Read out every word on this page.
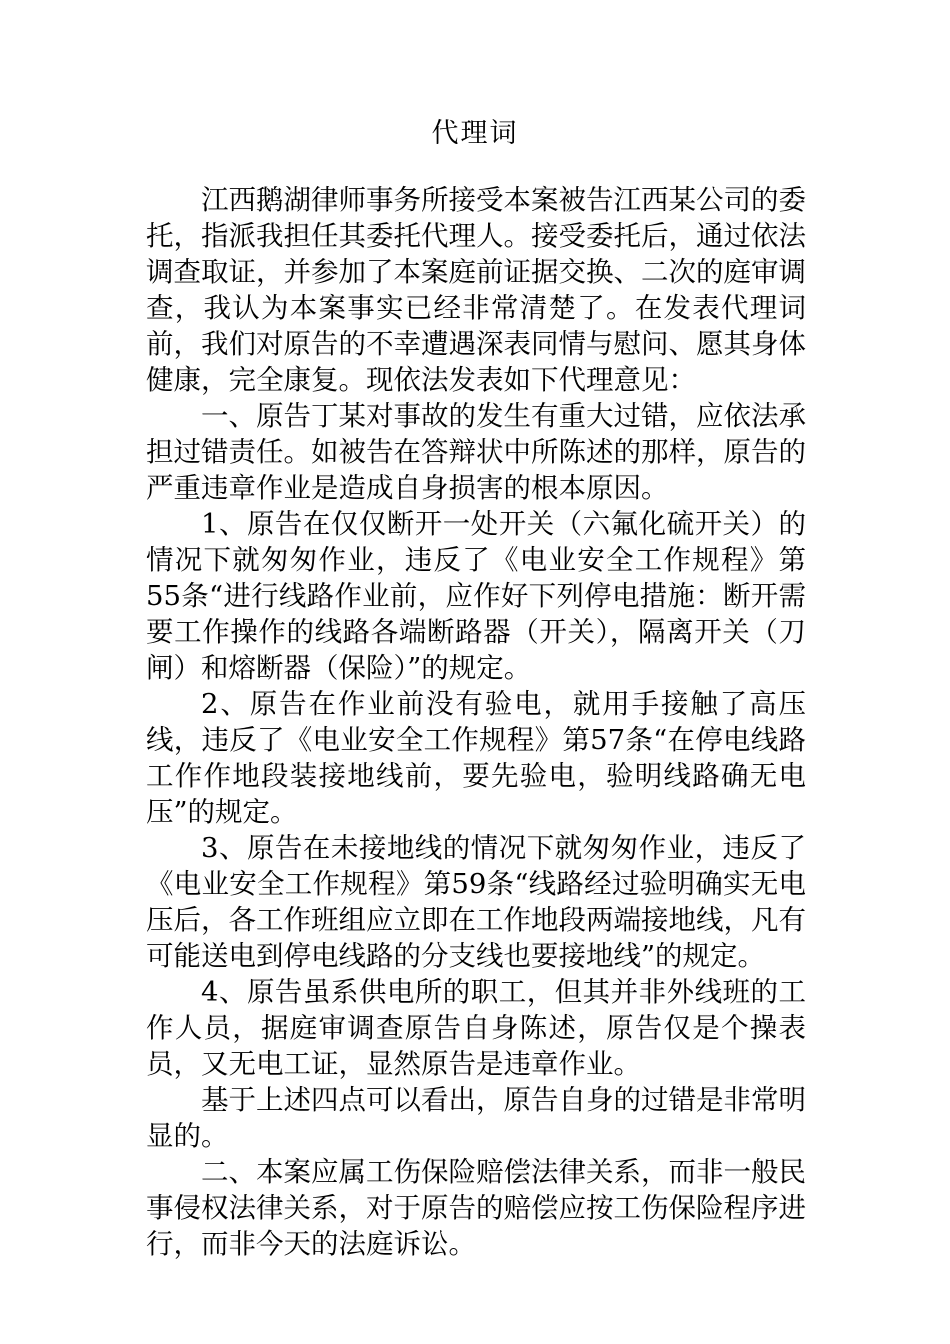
代理词

江西鹅湖律师事务所接受本案被告江西某公司的委托，指派我担任其委托代理人。接受委托后，通过依法调查取证，并参加了本案庭前证据交换、二次的庭审调查，我认为本案事实已经非常清楚了。在发表代理词前，我们对原告的不幸遭遇深表同情与慰问、愿其身体健康，完全康复。现依法发表如下代理意见：

一、原告丁某对事故的发生有重大过错，应依法承担过错责任。如被告在答辩状中所陈述的那样，原告的严重违章作业是造成自身损害的根本原因。

1、原告在仅仅断开一处开关（六氟化硫开关）的情况下就匆匆作业，违反了《电业安全工作规程》第55条“进行线路作业前，应作好下列停电措施：断开需要工作操作的线路各端断路器（开关），隔离开关（刀闸）和熔断器（保险）”的规定。

2、原告在作业前没有验电，就用手接触了高压线，违反了《电业安全工作规程》第57条“在停电线路工作作地段装接地线前，要先验电，验明线路确无电压”的规定。

3、原告在未接地线的情况下就匆匆作业，违反了《电业安全工作规程》第59条“线路经过验明确实无电压后，各工作班组应立即在工作地段两端接地线，凡有可能送电到停电线路的分支线也要接地线”的规定。

4、原告虽系供电所的职工，但其并非外线班的工作人员，据庭审调查原告自身陈述，原告仅是个操表员，又无电工证，显然原告是违章作业。

基于上述四点可以看出，原告自身的过错是非常明显的。

二、本案应属工伤保险赔偿法律关系，而非一般民事侵权法律关系，对于原告的赔偿应按工伤保险程序进行，而非今天的法庭诉讼。
